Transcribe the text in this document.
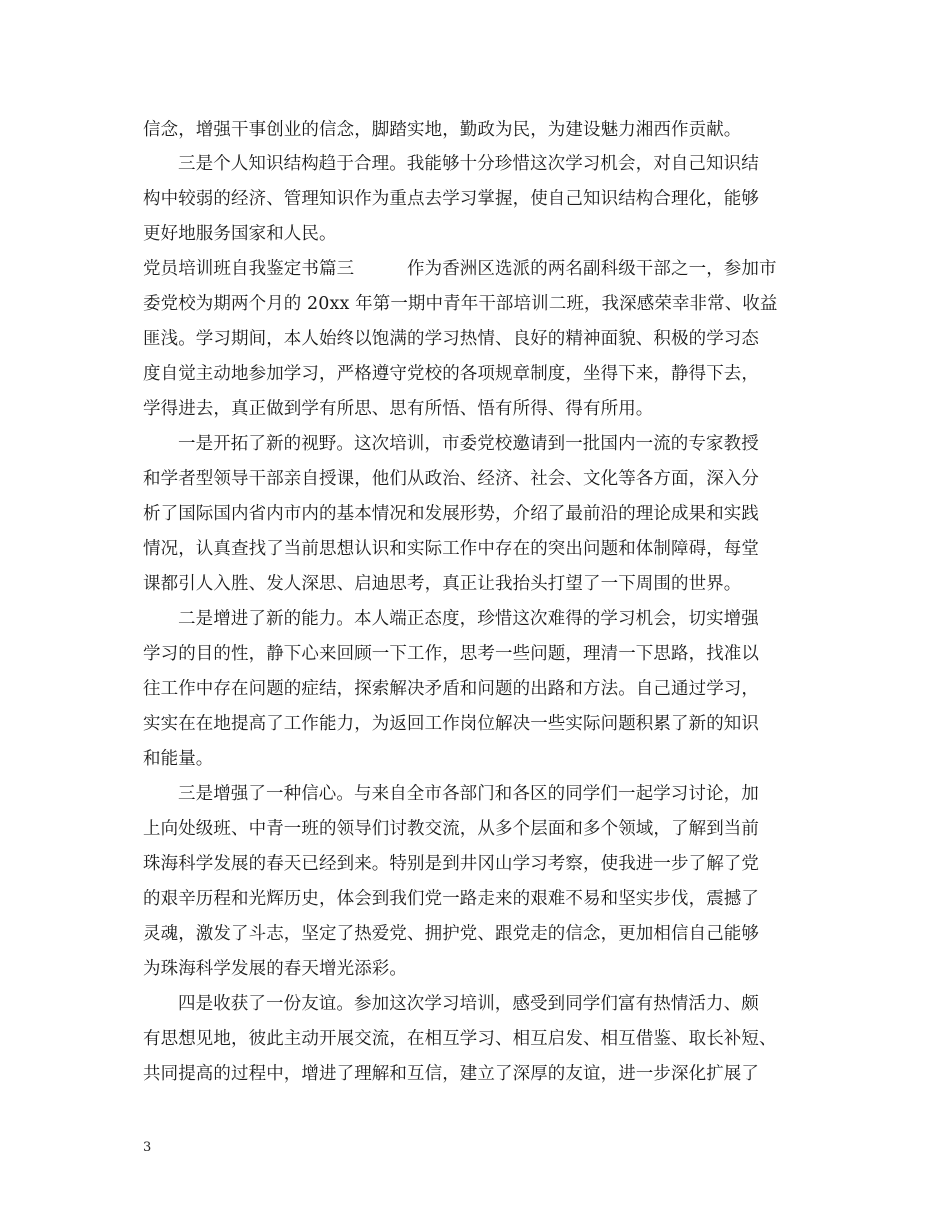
信念，增强干事创业的信念，脚踏实地，勤政为民，为建设魅力湘西作贡献。
三是个人知识结构趋于合理。我能够十分珍惜这次学习机会，对自己知识结
构中较弱的经济、管理知识作为重点去学习掌握，使自己知识结构合理化，能够
更好地服务国家和人民。
党员培训班自我鉴定书篇三　　　作为香洲区选派的两名副科级干部之一，参加市
委党校为期两个月的 20xx 年第一期中青年干部培训二班，我深感荣幸非常、收益
匪浅。学习期间，本人始终以饱满的学习热情、良好的精神面貌、积极的学习态
度自觉主动地参加学习，严格遵守党校的各项规章制度，坐得下来，静得下去，
学得进去，真正做到学有所思、思有所悟、悟有所得、得有所用。
一是开拓了新的视野。这次培训，市委党校邀请到一批国内一流的专家教授
和学者型领导干部亲自授课，他们从政治、经济、社会、文化等各方面，深入分
析了国际国内省内市内的基本情况和发展形势，介绍了最前沿的理论成果和实践
情况，认真查找了当前思想认识和实际工作中存在的突出问题和体制障碍，每堂
课都引人入胜、发人深思、启迪思考，真正让我抬头打望了一下周围的世界。
二是增进了新的能力。本人端正态度，珍惜这次难得的学习机会，切实增强
学习的目的性，静下心来回顾一下工作，思考一些问题，理清一下思路，找准以
往工作中存在问题的症结，探索解决矛盾和问题的出路和方法。自己通过学习，
实实在在地提高了工作能力，为返回工作岗位解决一些实际问题积累了新的知识
和能量。
三是增强了一种信心。与来自全市各部门和各区的同学们一起学习讨论，加
上向处级班、中青一班的领导们讨教交流，从多个层面和多个领域，了解到当前
珠海科学发展的春天已经到来。特别是到井冈山学习考察，使我进一步了解了党
的艰辛历程和光辉历史，体会到我们党一路走来的艰难不易和坚实步伐，震撼了
灵魂，激发了斗志，坚定了热爱党、拥护党、跟党走的信念，更加相信自己能够
为珠海科学发展的春天增光添彩。
四是收获了一份友谊。参加这次学习培训，感受到同学们富有热情活力、颇
有思想见地，彼此主动开展交流，在相互学习、相互启发、相互借鉴、取长补短、
共同提高的过程中，增进了理解和互信，建立了深厚的友谊，进一步深化扩展了
3
